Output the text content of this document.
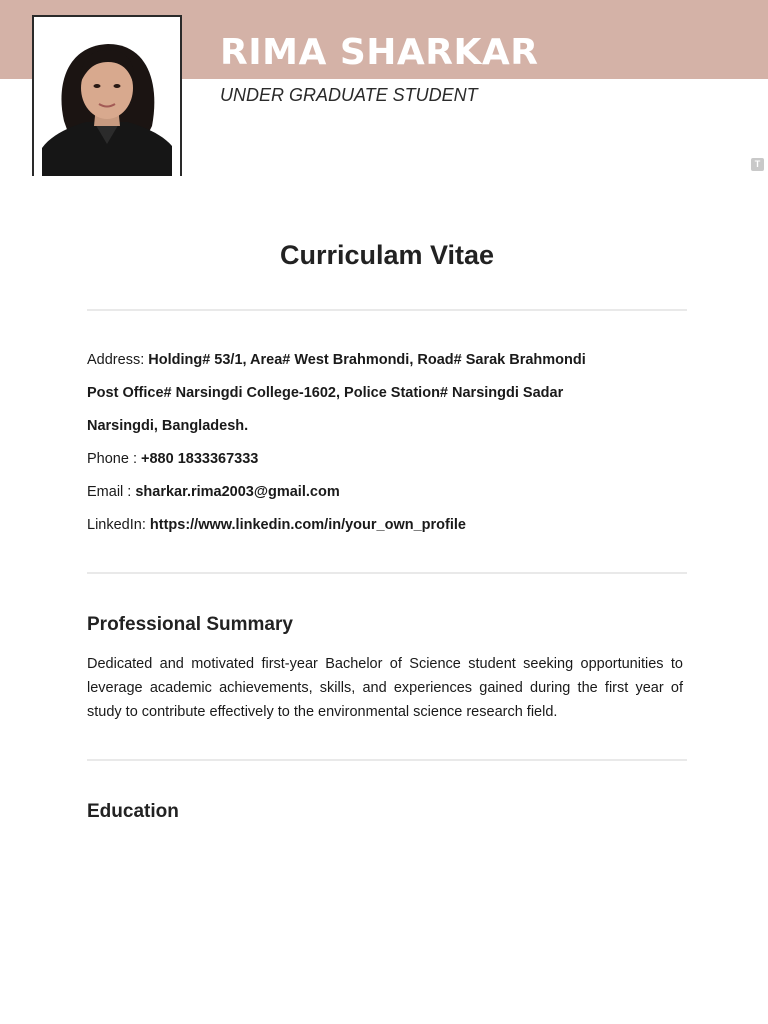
RIMA SHARKAR
UNDER GRADUATE STUDENT
T
Curriculam Vitae
Address: Holding# 53/1, Area# West Brahmondi, Road# Sarak Brahmondi
Post Office# Narsingdi College-1602, Police Station# Narsingdi Sadar
Narsingdi, Bangladesh.
Phone : +880 1833367333
Email : sharkar.rima2003@gmail.com
LinkedIn: https://www.linkedin.com/in/your_own_profile
Professional Summary
Dedicated and motivated first-year Bachelor of Science student seeking opportunities to leverage academic achievements, skills, and experiences gained during the first year of study to contribute effectively to the environmental science research field.
Education
